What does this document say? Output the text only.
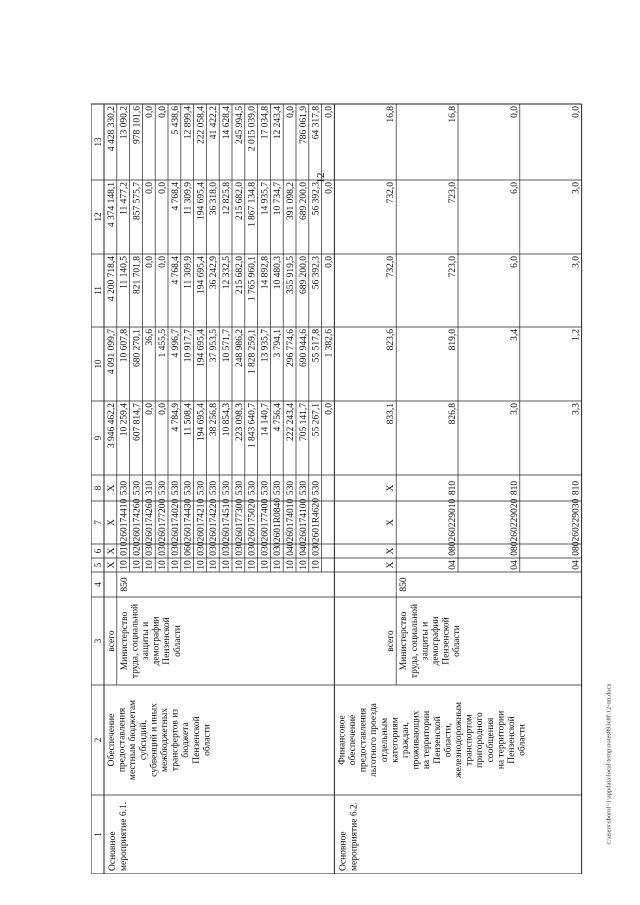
12
1
2
3
4
5
6
7
8
9
10
11
12
13
X
X
X
X
3 946 462,2
4 091 099,7
4 200 718,4
4 374 148,1
4 428 330,2
10
01
0260174410
530
10 259,4
10 607,8
11 140,5
11 477,2
13 090,2
10
02
0260174260
530
607 814,7
680 270,1
821 701,8
857 575,7
978 101,6
10
03
0260174260
310
0,0
36,6
0,0
0,0
0,0
10
03
0260177200
530
0,0
1 455,5
0,0
0,0
0,0
10
03
0260174020
530
4 784,9
4 996,7
4 768,4
4 768,4
5 438,6
10
06
0260174430
530
11 508,4
10 917,7
11 309,9
11 309,9
12 899,4
10
03
0260174210
530
194 695,4
194 695,4
194 695,4
194 695,4
222 058,4
10
03
0260174220
530
38 256,8
37 953,5
36 242,9
36 318,0
41 422,2
10
03
0260174510
530
10 854,3
10 571,7
12 332,5
12 825,8
14 628,4
10
03
0260177300
530
223 098,3
248 986,2
215 682,0
215 682,0
245 994,5
10
03
0260175020
530
1 843 640,7
1 828 259,1
1 765 960,1
1 867 134,8
2 015 039,0
10
03
0260177400
530
14 140,7
13 935,7
14 892,8
14 935,7
17 034,8
10
03
02601R0840
530
4 756,4
3 794,1
10 480,3
10 734,7
12 243,4
10
04
0260174010
530
222 243,4
296 774,6
355 919,5
391 098,2
0,0
10
04
0260174100
530
705 141,7
690 944,6
689 200,0
689 200,0
786 061,9
10
03
02601R4620
530
55 267,1
55 517,8
56 392,3
56 392,3
64 317,8
0,0
1 382,6
0,0
0,0
0,0
Основное мероприятие 6.1.
Обеспечение предоставления местным бюджетам субсидий, субвенций и иных межбюджетных трансфертов из бюджета Пензенской области
всего Министерство труда, социальной защиты и демографии Пензенской области
850
X
X
X
X
833,1
823,6
732,0
732,0
16,8
04
08
0260229010
810
826,8
819,0
723,0
723,0
16,8
04
08
0260229020
810
3,0
3,4
6,0
6,0
0,0
04
08
0260229030
810
3,3
1,2
3,0
3,0
0,0
Основное мероприятие 6.2.
Финансовое обеспечение предоставления льготного проезда отдельным категориям граждан, проживающих на территории Пензенской области, железнодорожным транспортом пригородного сообщения на территории Пензенской области
всего Министерство труда, социальной защиты и демографии Пензенской области
850
c:\users\sborol~1\appdata\local\temp\notes893c8f\12-пп.docx
